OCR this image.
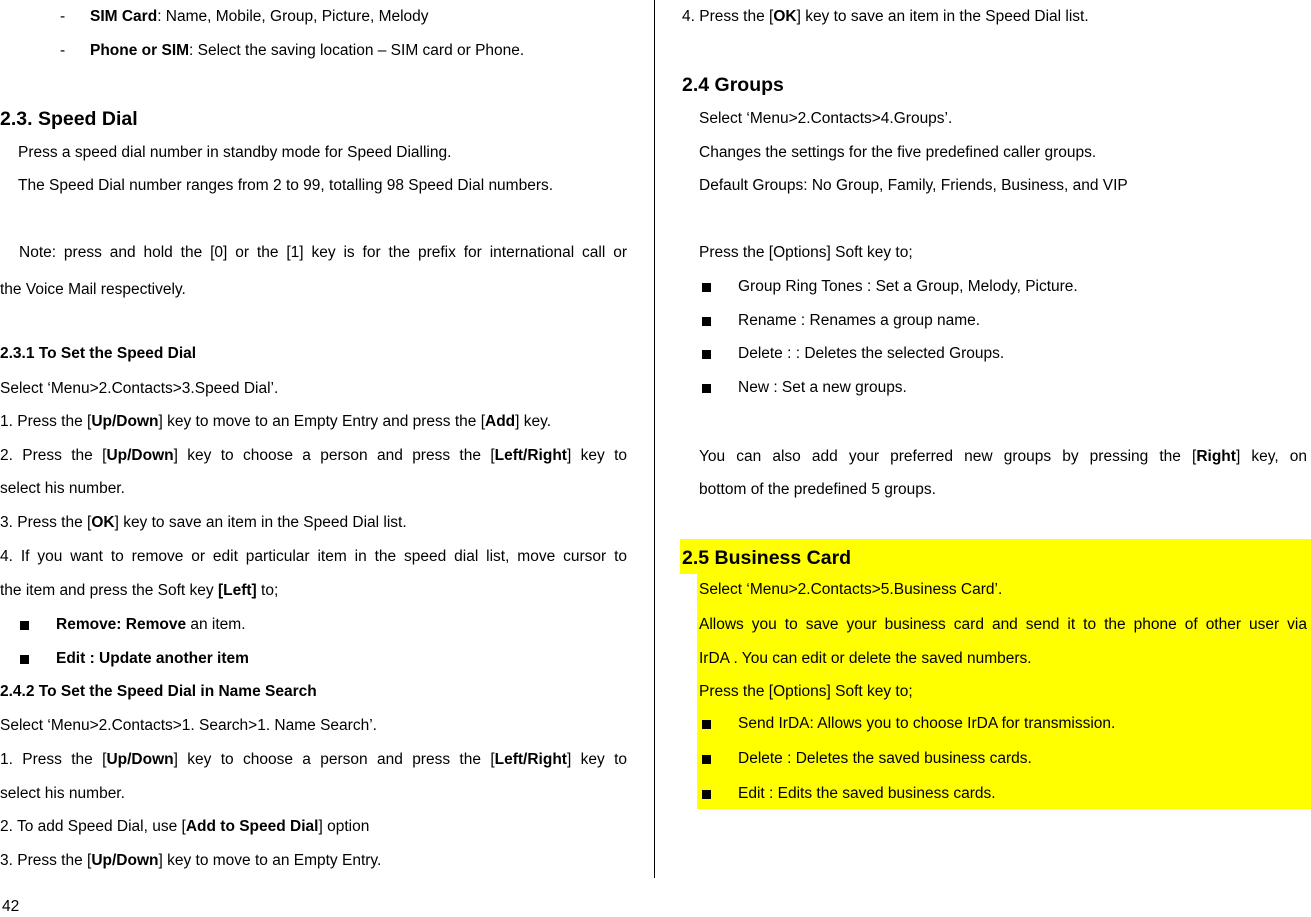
- SIM Card: Name, Mobile, Group, Picture, Melody
- Phone or SIM: Select the saving location – SIM card or Phone.
2.3. Speed Dial
Press a speed dial number in standby mode for Speed Dialling.
The Speed Dial number ranges from 2 to 99, totalling 98 Speed Dial numbers.
Note: press and hold the [0] or the [1] key is for the prefix for international call or
the Voice Mail respectively.
2.3.1 To Set the Speed Dial
Select ‘Menu>2.Contacts>3.Speed Dial’.
1. Press the [Up/Down] key to move to an Empty Entry and press the [Add] key.
2. Press the [Up/Down] key to choose a person and press the [Left/Right] key to
select his number.
3. Press the [OK] key to save an item in the Speed Dial list.
4. If you want to remove or edit particular item in the speed dial list, move cursor to
the item and press the Soft key [Left] to;
Remove: Remove an item.
Edit : Update another item
2.4.2 To Set the Speed Dial in Name Search
Select ‘Menu>2.Contacts>1. Search>1. Name Search’.
1. Press the [Up/Down] key to choose a person and press the [Left/Right] key to
select his number.
2. To add Speed Dial, use [Add to Speed Dial] option
3. Press the [Up/Down] key to move to an Empty Entry.
42
4. Press the [OK] key to save an item in the Speed Dial list.
2.4 Groups
Select ‘Menu>2.Contacts>4.Groups’.
Changes the settings for the five predefined caller groups.
Default Groups: No Group, Family, Friends, Business, and VIP
Press the [Options] Soft key to;
Group Ring Tones : Set a Group, Melody, Picture.
Rename : Renames a group name.
Delete : : Deletes the selected Groups.
New : Set a new groups.
You can also add your preferred new groups by pressing the [Right] key, on
bottom of the predefined 5 groups.
2.5 Business Card
Select ‘Menu>2.Contacts>5.Business Card’.
Allows you to save your business card and send it to the phone of other user via
IrDA . You can edit or delete the saved numbers.
Press the [Options] Soft key to;
Send IrDA: Allows you to choose IrDA for transmission.
Delete : Deletes the saved business cards.
Edit : Edits the saved business cards.
